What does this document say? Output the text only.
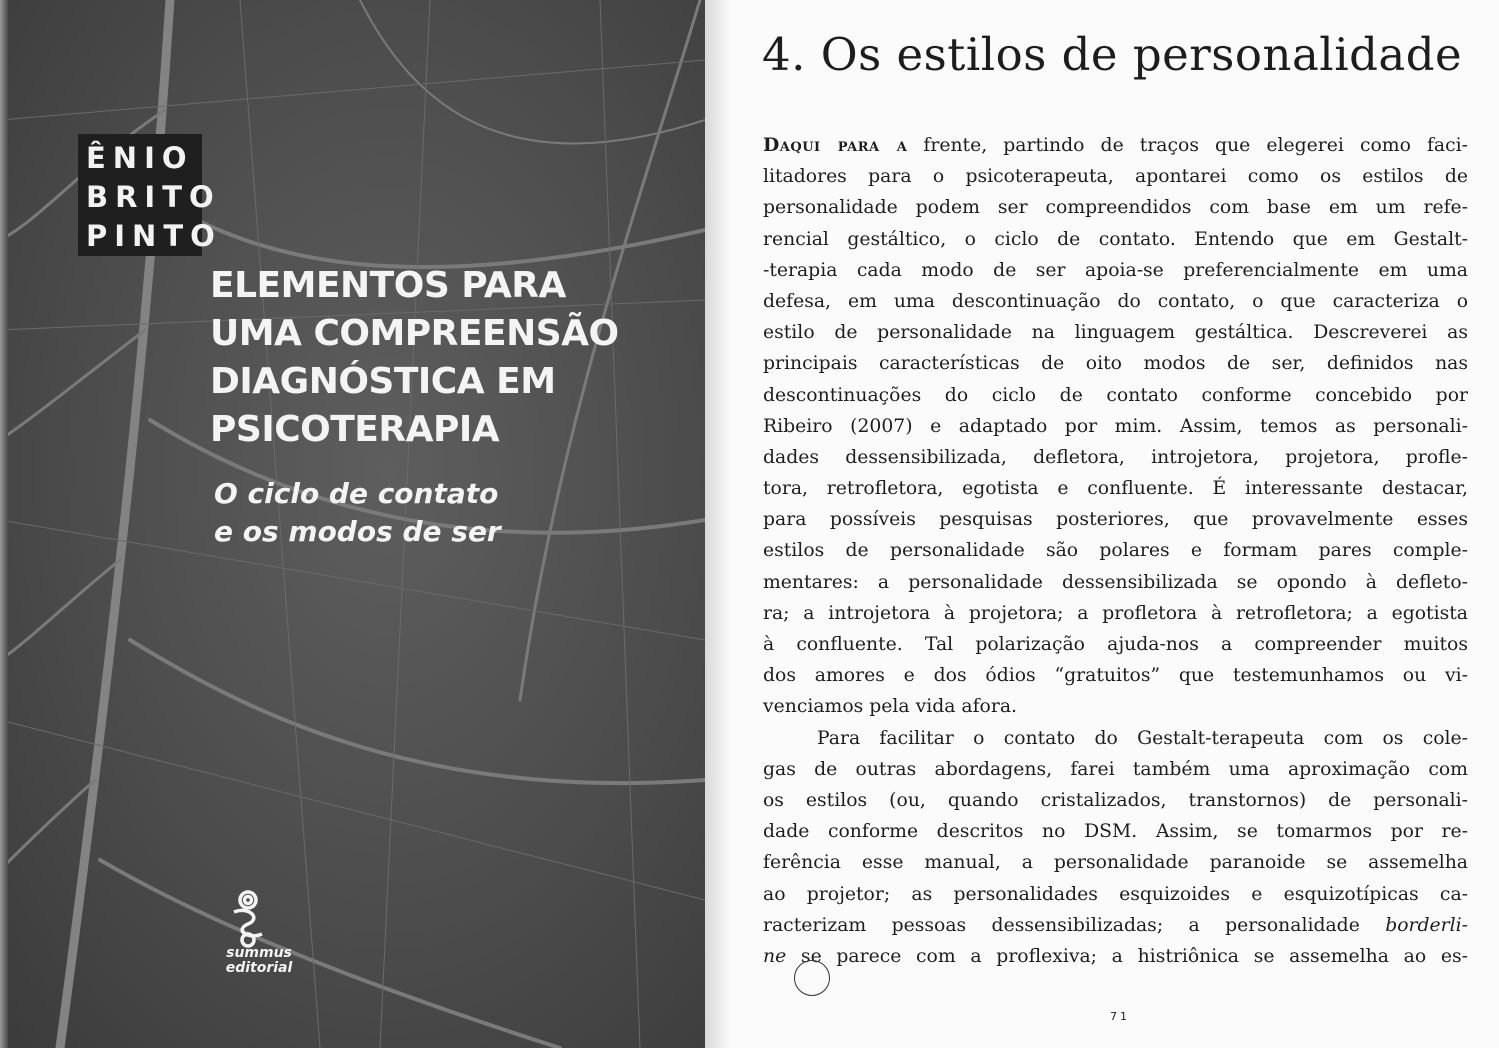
ÊNIO
BRITO
PINTO
ELEMENTOS PARA
UMA COMPREENSÃO
DIAGNÓSTICA EM
PSICOTERAPIA
O ciclo de contato
e os modos de ser
summus
editorial
4. Os estilos de personalidade
Daqui para a frente, partindo de traços que elegerei como faci-
litadores para o psicoterapeuta, apontarei como os estilos de
personalidade podem ser compreendidos com base em um refe-
rencial gestáltico, o ciclo de contato. Entendo que em Gestalt-
-terapia cada modo de ser apoia-se preferencialmente em uma
defesa, em uma descontinuação do contato, o que caracteriza o
estilo de personalidade na linguagem gestáltica. Descreverei as
principais características de oito modos de ser, definidos nas
descontinuações do ciclo de contato conforme concebido por
Ribeiro (2007) e adaptado por mim. Assim, temos as personali-
dades dessensibilizada, defletora, introjetora, projetora, profle-
tora, retrofletora, egotista e confluente. É interessante destacar,
para possíveis pesquisas posteriores, que provavelmente esses
estilos de personalidade são polares e formam pares comple-
mentares: a personalidade dessensibilizada se opondo à defleto-
ra; a introjetora à projetora; a profletora à retrofletora; a egotista
à confluente. Tal polarização ajuda-nos a compreender muitos
dos amores e dos ódios “gratuitos” que testemunhamos ou vi-
venciamos pela vida afora.
Para facilitar o contato do Gestalt-terapeuta com os cole-
gas de outras abordagens, farei também uma aproximação com
os estilos (ou, quando cristalizados, transtornos) de personali-
dade conforme descritos no DSM. Assim, se tomarmos por re-
ferência esse manual, a personalidade paranoide se assemelha
ao projetor; as personalidades esquizoides e esquizotípicas ca-
racterizam pessoas dessensibilizadas; a personalidade borderli-
ne se parece com a proflexiva; a histriônica se assemelha ao es-
71
